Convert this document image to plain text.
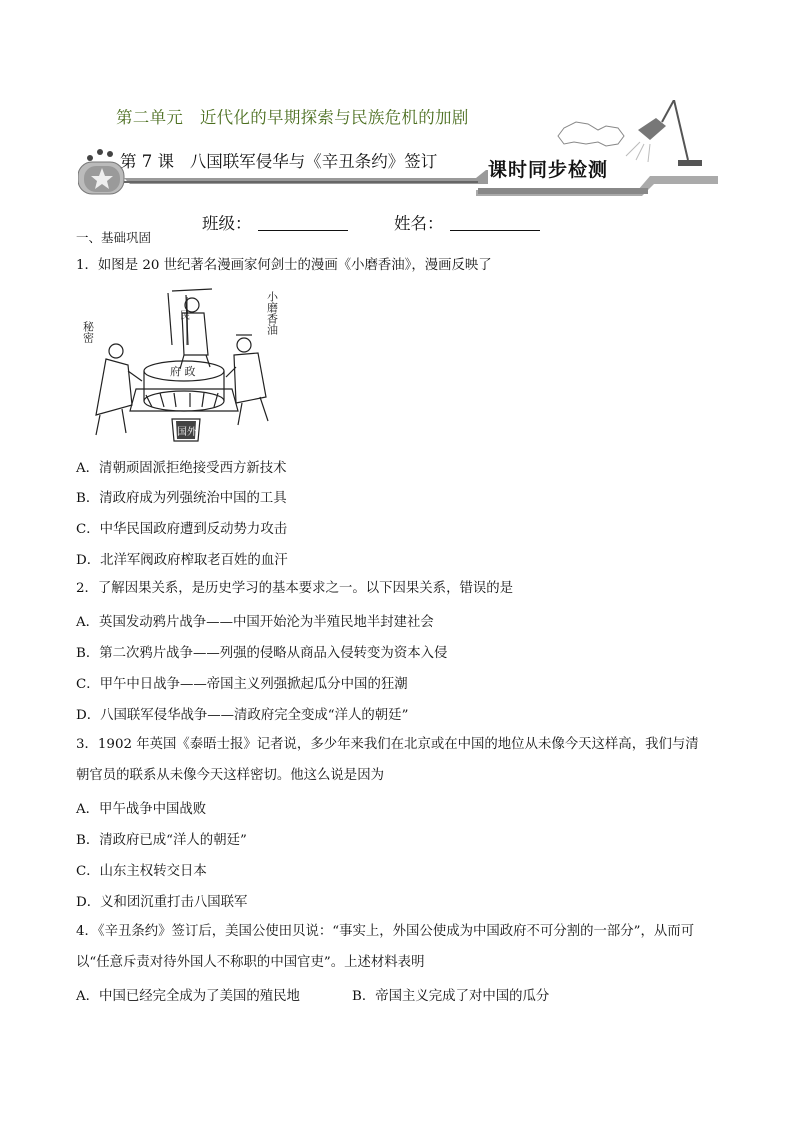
第二单元   近代化的早期探索与民族危机的加剧
第 7 课   八国联军侵华与《辛丑条约》签订	课时同步检测
班级：	姓名：
一、基础巩固
1．如图是 20 世纪著名漫画家何剑士的漫画《小磨香油》，漫画反映了
秘密	小磨香油
府 政
民
国外
A．清朝顽固派拒绝接受西方新技术
B．清政府成为列强统治中国的工具
C．中华民国政府遭到反动势力攻击
D．北洋军阀政府榨取老百姓的血汗
2．了解因果关系，是历史学习的基本要求之一。以下因果关系，错误的是
A．英国发动鸦片战争——中国开始沦为半殖民地半封建社会
B．第二次鸦片战争——列强的侵略从商品入侵转变为资本入侵
C．甲午中日战争——帝国主义列强掀起瓜分中国的狂潮
D．八国联军侵华战争——清政府完全变成“洋人的朝廷”
3．1902 年英国《泰晤士报》记者说，多少年来我们在北京或在中国的地位从未像今天这样高，我们与清
朝官员的联系从未像今天这样密切。他这么说是因为
A．甲午战争中国战败
B．清政府已成“洋人的朝廷”
C．山东主权转交日本
D．义和团沉重打击八国联军
4．《辛丑条约》签订后，美国公使田贝说：“事实上，外国公使成为中国政府不可分割的一部分”，从而可
以“任意斥责对待外国人不称职的中国官吏”。上述材料表明
A．中国已经完全成为了美国的殖民地	B．帝国主义完成了对中国的瓜分
